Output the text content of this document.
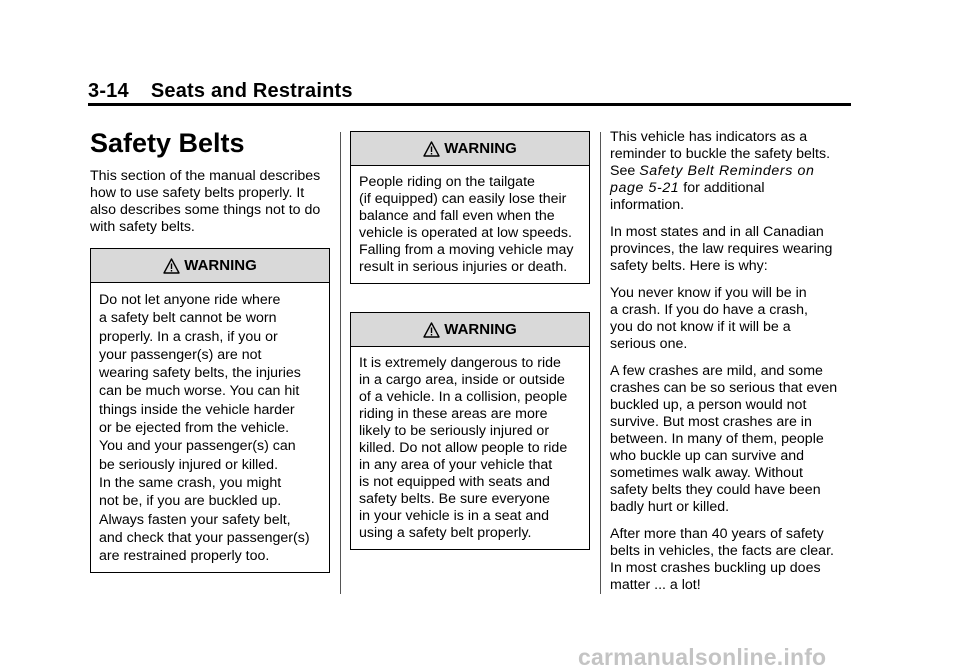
3-14 Seats and Restraints
Safety Belts

This section of the manual describes how to use safety belts properly. It also describes some things not to do with safety belts.

WARNING
Do not let anyone ride where
a safety belt cannot be worn
properly. In a crash, if you or
your passenger(s) are not
wearing safety belts, the injuries
can be much worse. You can hit
things inside the vehicle harder
or be ejected from the vehicle.
You and your passenger(s) can
be seriously injured or killed.
In the same crash, you might
not be, if you are buckled up.
Always fasten your safety belt,
and check that your passenger(s)
are restrained properly too.
WARNING
People riding on the tailgate
(if equipped) can easily lose their
balance and fall even when the
vehicle is operated at low speeds.
Falling from a moving vehicle may
result in serious injuries or death.
WARNING
It is extremely dangerous to ride
in a cargo area, inside or outside
of a vehicle. In a collision, people
riding in these areas are more
likely to be seriously injured or
killed. Do not allow people to ride
in any area of your vehicle that
is not equipped with seats and
safety belts. Be sure everyone
in your vehicle is in a seat and
using a safety belt properly.

This vehicle has indicators as a
reminder to buckle the safety belts.
See Safety Belt Reminders on
page 5-21 for additional
information.

In most states and in all Canadian
provinces, the law requires wearing
safety belts. Here is why:

You never know if you will be in
a crash. If you do have a crash,
you do not know if it will be a
serious one.

A few crashes are mild, and some
crashes can be so serious that even
buckled up, a person would not
survive. But most crashes are in
between. In many of them, people
who buckle up can survive and
sometimes walk away. Without
safety belts they could have been
badly hurt or killed.

After more than 40 years of safety
belts in vehicles, the facts are clear.
In most crashes buckling up does
matter ... a lot!

carmanualsonline.info
